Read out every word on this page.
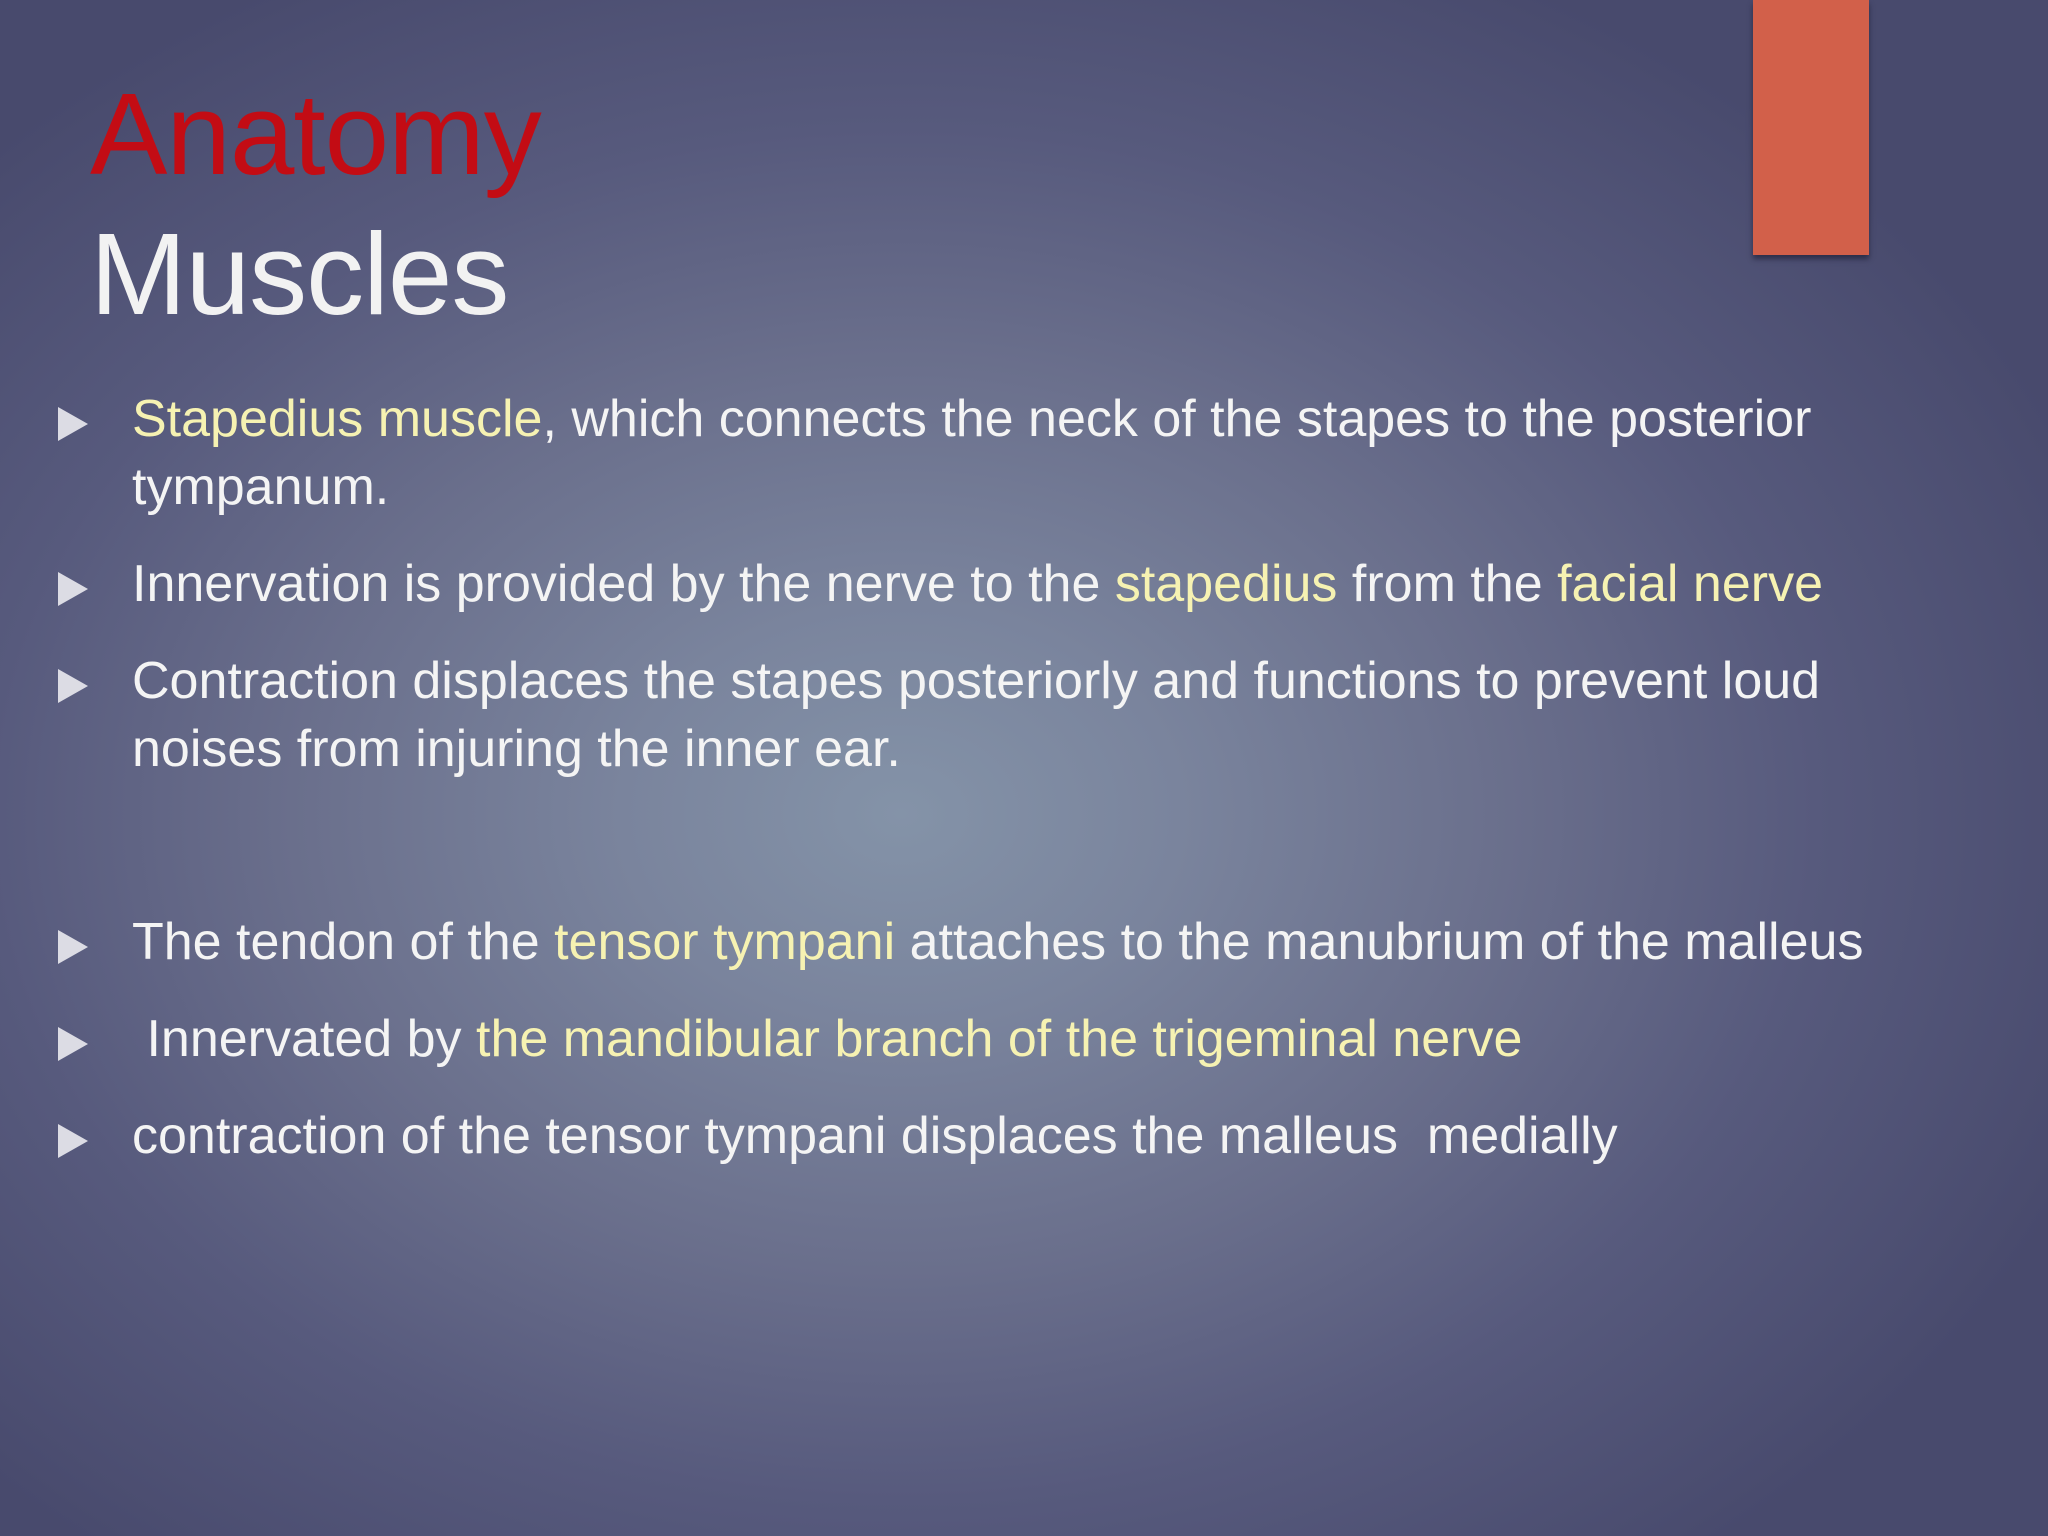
Anatomy
Muscles
Stapedius muscle, which connects the neck of the stapes to the posterior tympanum.
Innervation is provided by the nerve to the stapedius from the facial nerve
Contraction displaces the stapes posteriorly and functions to prevent loud noises from injuring the inner ear.
The tendon of the tensor tympani attaches to the manubrium of the malleus
Innervated by the mandibular branch of the trigeminal nerve
contraction of the tensor tympani displaces the malleus  medially
